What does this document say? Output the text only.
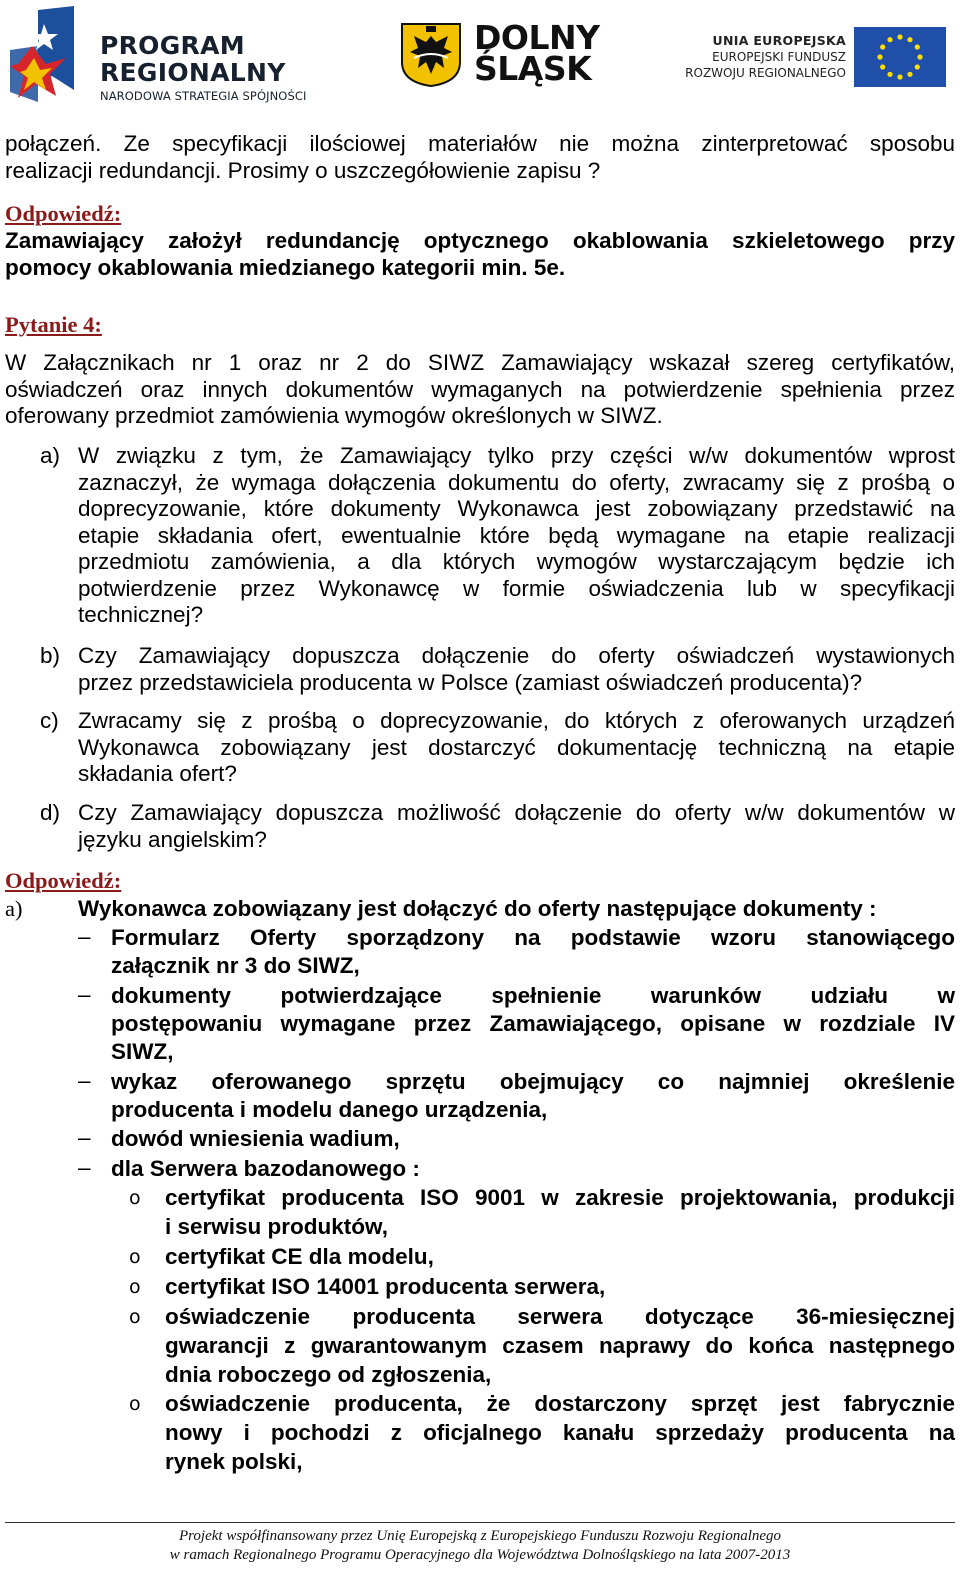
PROGRAM
REGIONALNY
NARODOWA STRATEGIA SPÓJNOŚCI
DOLNY
ŚLĄSK
UNIA EUROPEJSKA
EUROPEJSKI FUNDUSZ
ROZWOJU REGIONALNEGO
połączeń. Ze specyfikacji ilościowej materiałów nie można zinterpretować sposobu
realizacji redundancji. Prosimy o uszczegółowienie zapisu ?
Odpowiedź:
Zamawiający założył redundancję optycznego okablowania szkieletowego przy
pomocy okablowania miedzianego kategorii min. 5e.
Pytanie 4:
W Załącznikach nr 1 oraz nr 2 do SIWZ Zamawiający wskazał szereg certyfikatów,
oświadczeń oraz innych dokumentów wymaganych na potwierdzenie spełnienia przez
oferowany przedmiot zamówienia wymogów określonych w SIWZ.
a) W związku z tym, że Zamawiający tylko przy części w/w dokumentów wprost
zaznaczył, że wymaga dołączenia dokumentu do oferty, zwracamy się z prośbą o
doprecyzowanie, które dokumenty Wykonawca jest zobowiązany przedstawić na
etapie składania ofert, ewentualnie które będą wymagane na etapie realizacji
przedmiotu zamówienia, a dla których wymogów wystarczającym będzie ich
potwierdzenie przez Wykonawcę w formie oświadczenia lub w specyfikacji
technicznej?
b) Czy Zamawiający dopuszcza dołączenie do oferty oświadczeń wystawionych
przez przedstawiciela producenta w Polsce (zamiast oświadczeń producenta)?
c) Zwracamy się z prośbą o doprecyzowanie, do których z oferowanych urządzeń
Wykonawca zobowiązany jest dostarczyć dokumentację techniczną na etapie
składania ofert?
d) Czy Zamawiający dopuszcza możliwość dołączenie do oferty w/w dokumentów w
języku angielskim?
Odpowiedź:
a) Wykonawca zobowiązany jest dołączyć do oferty następujące dokumenty :
– Formularz Oferty sporządzony na podstawie wzoru stanowiącego
załącznik nr 3 do SIWZ,
– dokumenty potwierdzające spełnienie warunków udziału w
postępowaniu wymagane przez Zamawiającego, opisane w rozdziale IV
SIWZ,
– wykaz oferowanego sprzętu obejmujący co najmniej określenie
producenta i modelu danego urządzenia,
– dowód wniesienia wadium,
– dla Serwera bazodanowego :
o certyfikat producenta ISO 9001 w zakresie projektowania, produkcji
i serwisu produktów,
o certyfikat CE dla modelu,
o certyfikat ISO 14001 producenta serwera,
o oświadczenie producenta serwera dotyczące 36-miesięcznej
gwarancji z gwarantowanym czasem naprawy do końca następnego
dnia roboczego od zgłoszenia,
o oświadczenie producenta, że dostarczony sprzęt jest fabrycznie
nowy i pochodzi z oficjalnego kanału sprzedaży producenta na
rynek polski,
Projekt współfinansowany przez Unię Europejską z Europejskiego Funduszu Rozwoju Regionalnego
w ramach Regionalnego Programu Operacyjnego dla Województwa Dolnośląskiego na lata 2007-2013
